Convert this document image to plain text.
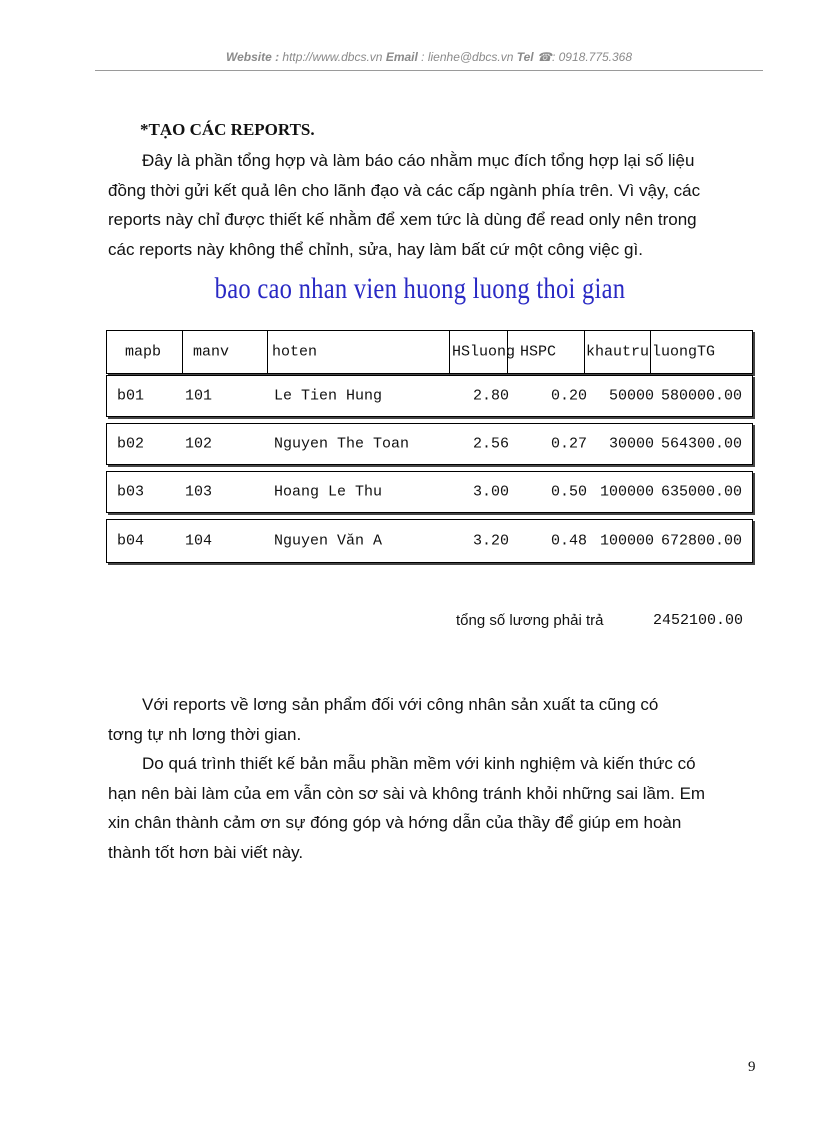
Website : http://www.dbcs.vn Email : lienhe@dbcs.vn Tel ☎: 0918.775.368
*TẠO CÁC REPORTS.
Đây là phần tổng hợp và làm báo cáo nhằm mục đích tổng hợp lại số liệu
đồng thời gửi kết quả lên cho lãnh đạo và các cấp ngành phía trên. Vì vậy, các
reports này chỉ được thiết kế nhằm để xem tức là dùng để read only nên trong
các reports này không thể chỉnh, sửa, hay làm bất cứ một công việc gì.
bao cao nhan vien huong luong thoi gian
mapb manv	hoten	HSluong HSPC khautru luongTG
b01	101	Le Tien Hung	2.80	0.20 50000 580000.00
b02	102	Nguyen The Toan	2.56	0.27 30000 564300.00
b03	103	Hoang Le Thu	3.00	0.50 100000 635000.00
b04	104	Nguyen Văn A	3.20	0.48 100000 672800.00
tổng số lương phải trả	2452100.00
Với reports về lơng sản phẩm đối với công nhân sản xuất ta cũng có
tơng tự nh lơng thời gian.
Do quá trình thiết kế bản mẫu phần mềm với kinh nghiệm và kiến thức có
hạn nên bài làm của em vẫn còn sơ sài và không tránh khỏi những sai lầm. Em
xin chân thành cảm ơn sự đóng góp và hớng dẫn của thầy để giúp em hoàn
thành tốt hơn bài viết này.
9
